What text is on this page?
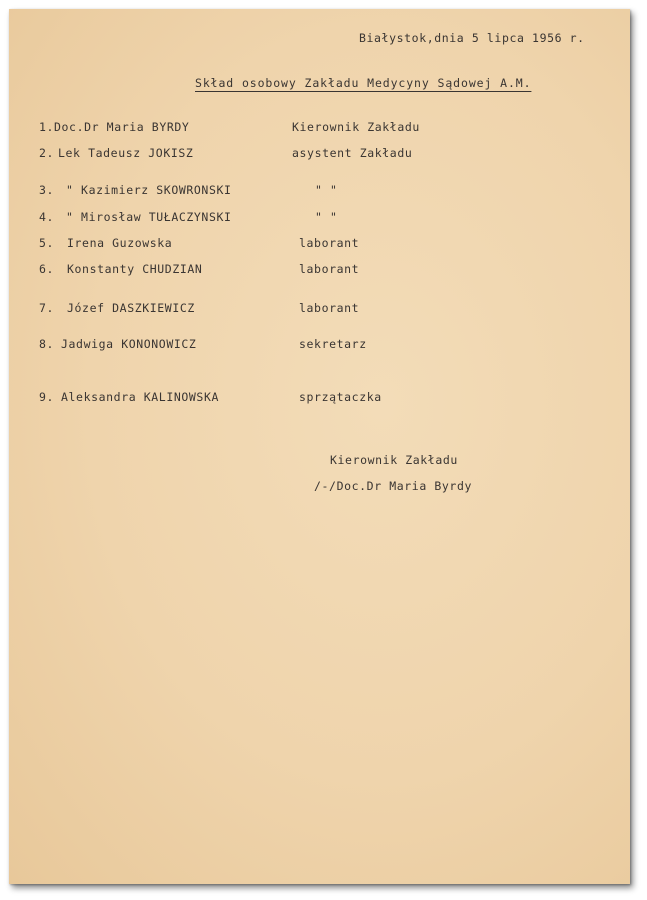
Białystok,dnia 5 lipca 1956 r.
Skład osobowy Zakładu Medycyny Sądowej A.M.
1. Doc.Dr Maria BYRDY	Kierownik Zakładu
2. Lek Tadeusz JOKISZ	asystent Zakładu
3. " Kazimierz SKOWRONSKI	" "
4. " Mirosław TUŁACZYNSKI	" "
5. Irena Guzowska	laborant
6. Konstanty CHUDZIAN	laborant
7. Józef DASZKIEWICZ	laborant
8. Jadwiga KONONOWICZ	sekretarz
9. Aleksandra KALINOWSKA	sprzątaczka
Kierownik Zakładu
/-/Doc.Dr Maria Byrdy
